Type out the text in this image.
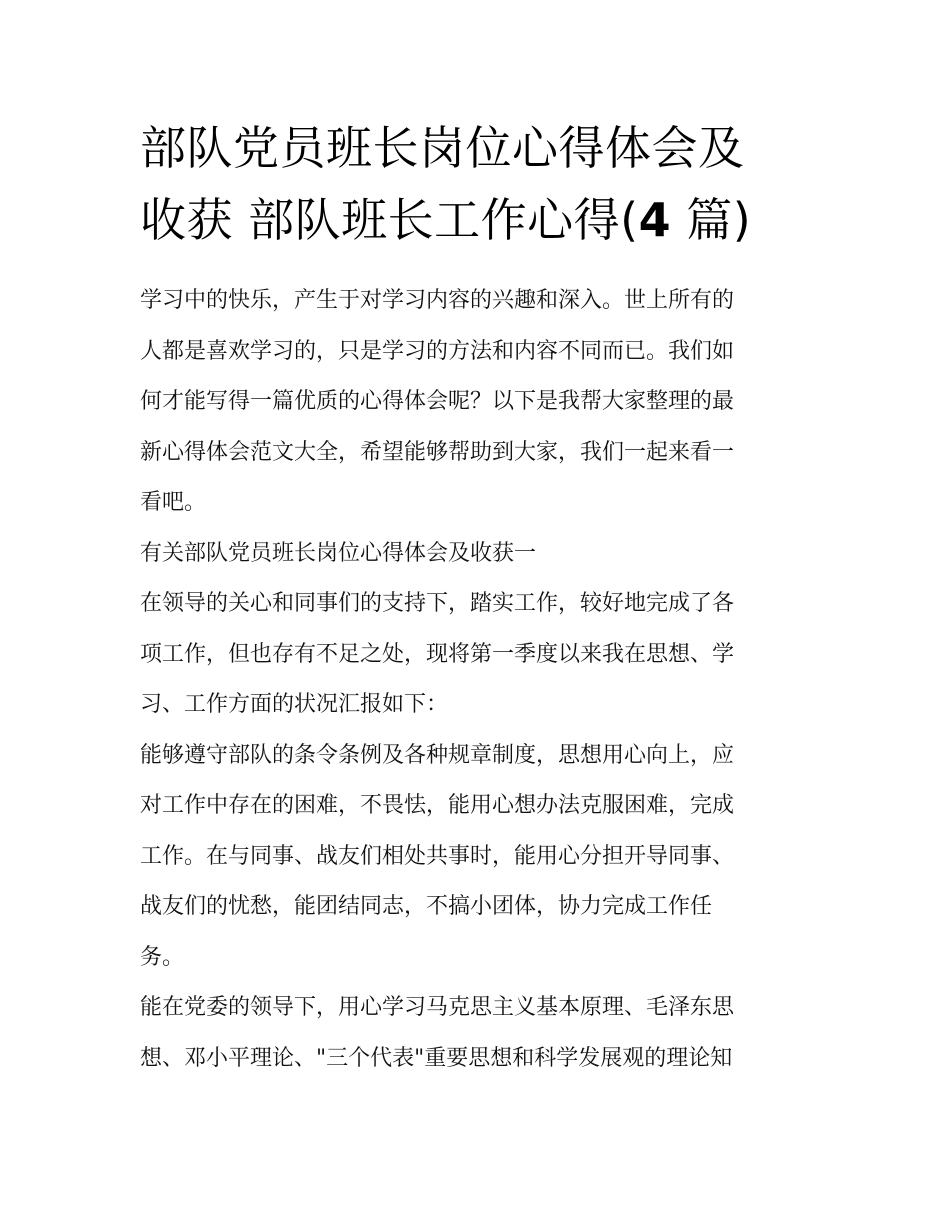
部队党员班长岗位心得体会及
收获 部队班长工作心得(4 篇)

学习中的快乐，产生于对学习内容的兴趣和深入。世上所有的
人都是喜欢学习的，只是学习的方法和内容不同而已。我们如
何才能写得一篇优质的心得体会呢？以下是我帮大家整理的最
新心得体会范文大全，希望能够帮助到大家，我们一起来看一
看吧。

有关部队党员班长岗位心得体会及收获一

在领导的关心和同事们的支持下，踏实工作，较好地完成了各
项工作，但也存有不足之处，现将第一季度以来我在思想、学
习、工作方面的状况汇报如下：

能够遵守部队的条令条例及各种规章制度，思想用心向上，应
对工作中存在的困难，不畏怯，能用心想办法克服困难，完成
工作。在与同事、战友们相处共事时，能用心分担开导同事、
战友们的忧愁，能团结同志，不搞小团体，协力完成工作任
务。

能在党委的领导下，用心学习马克思主义基本原理、毛泽东思
想、邓小平理论、"三个代表"重要思想和科学发展观的理论知
